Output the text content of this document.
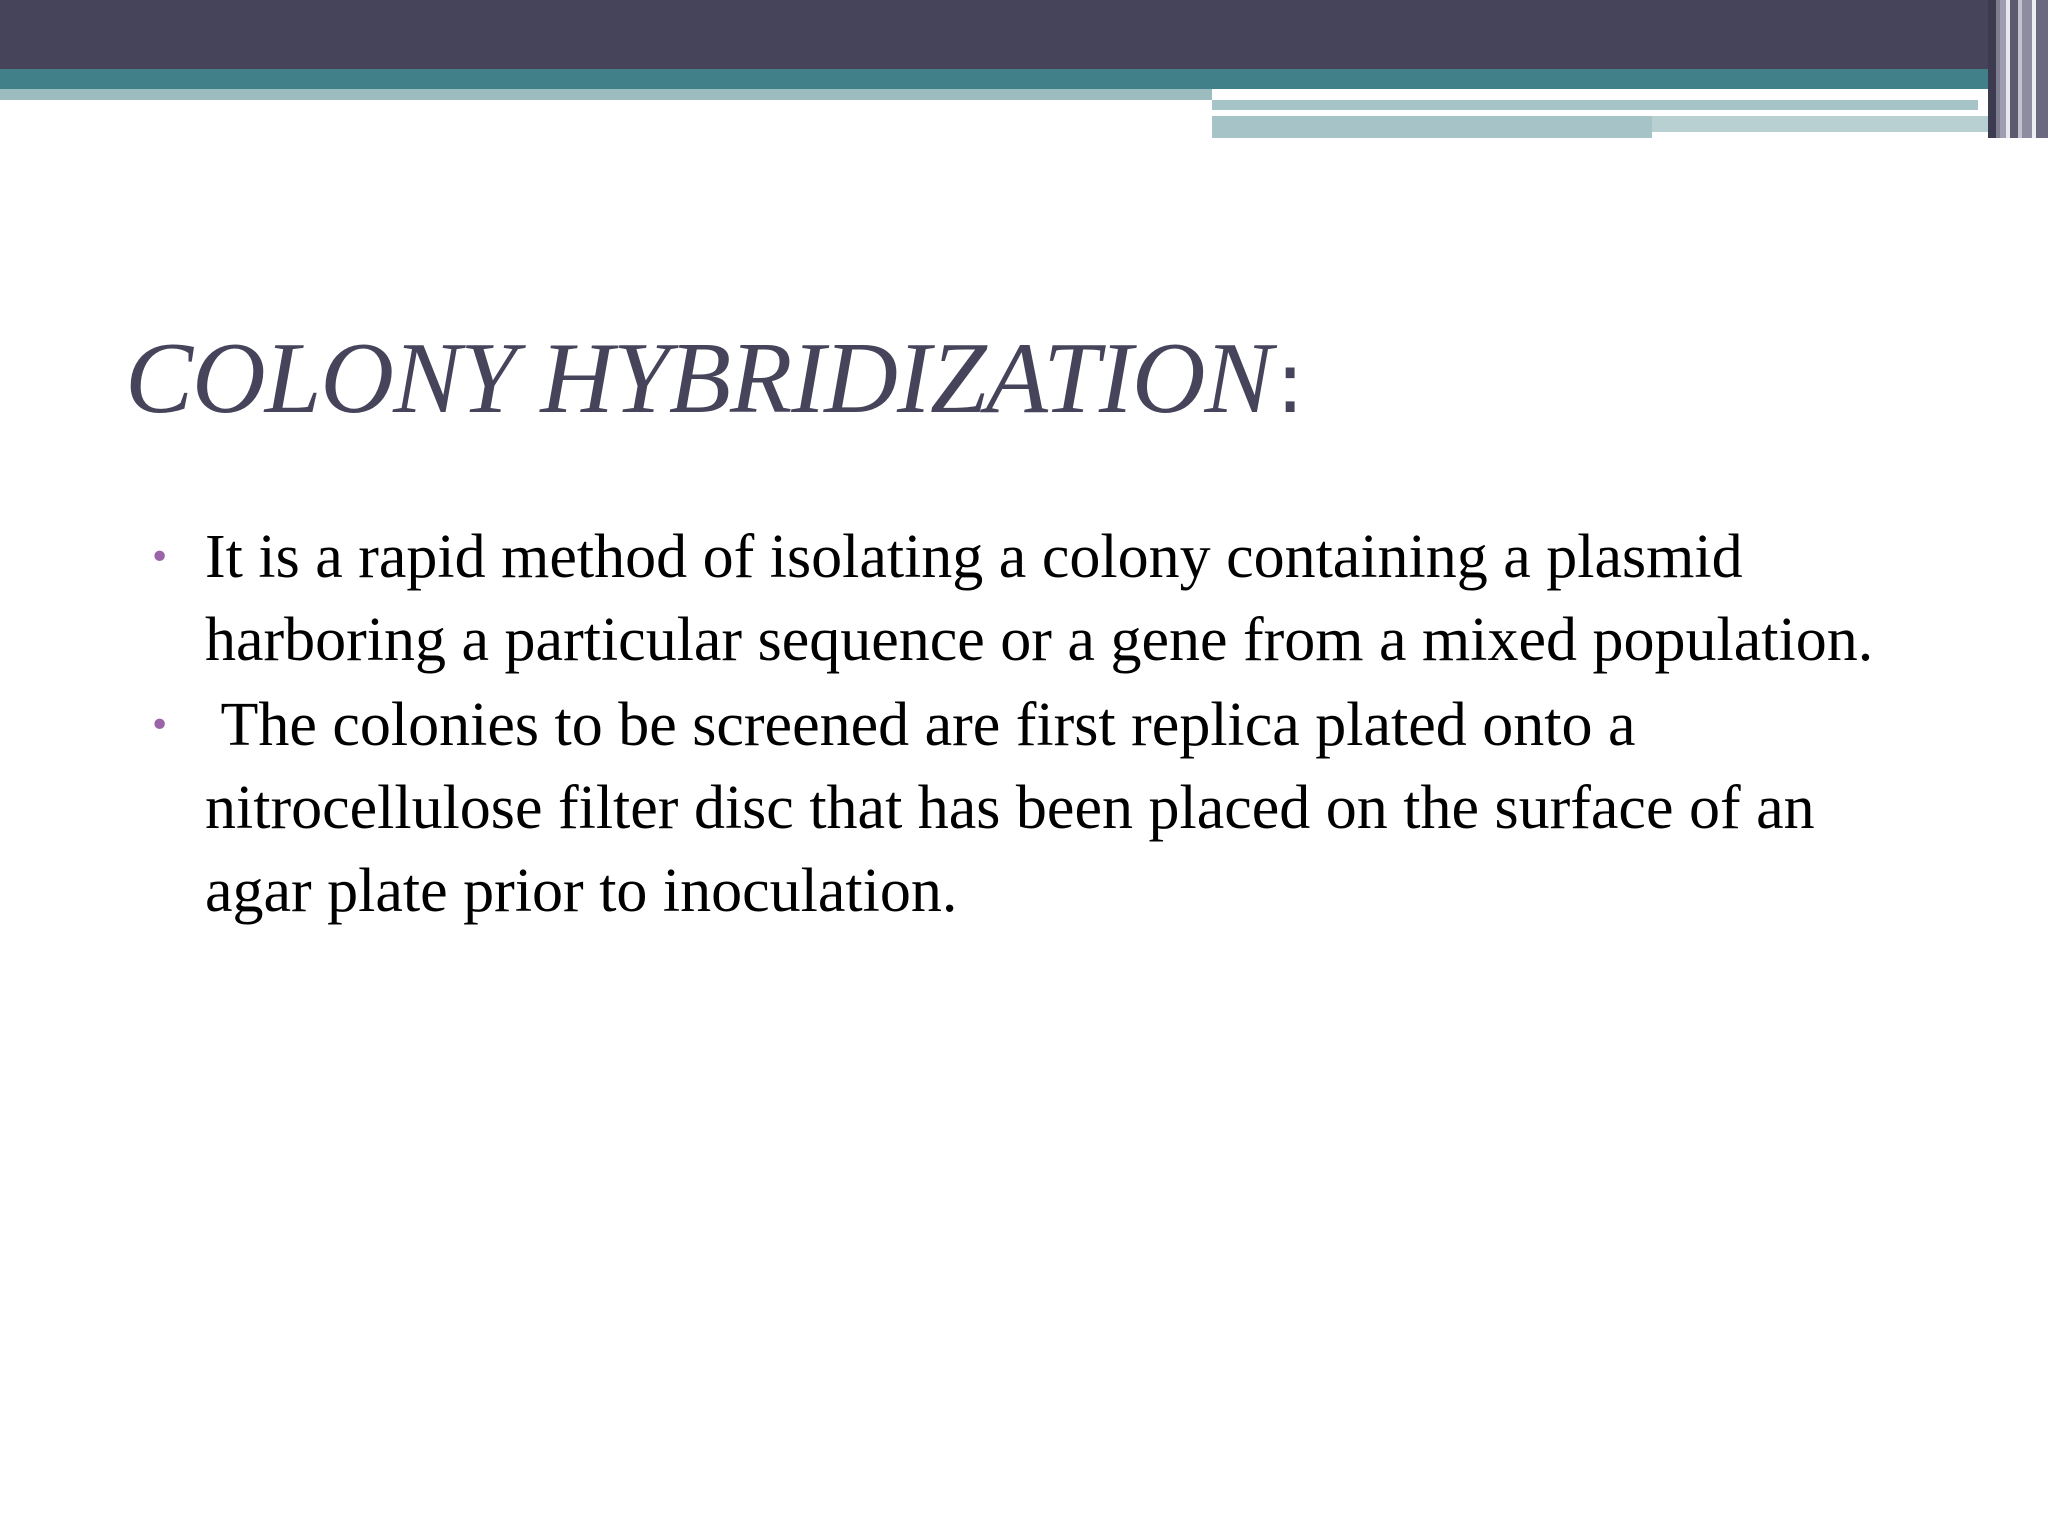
COLONY HYBRIDIZATION:
• It is a rapid method of isolating a colony containing a plasmid harboring a particular sequence or a gene from a mixed population.
• The colonies to be screened are first replica plated onto a nitrocellulose filter disc that has been placed on the surface of an agar plate prior to inoculation.
